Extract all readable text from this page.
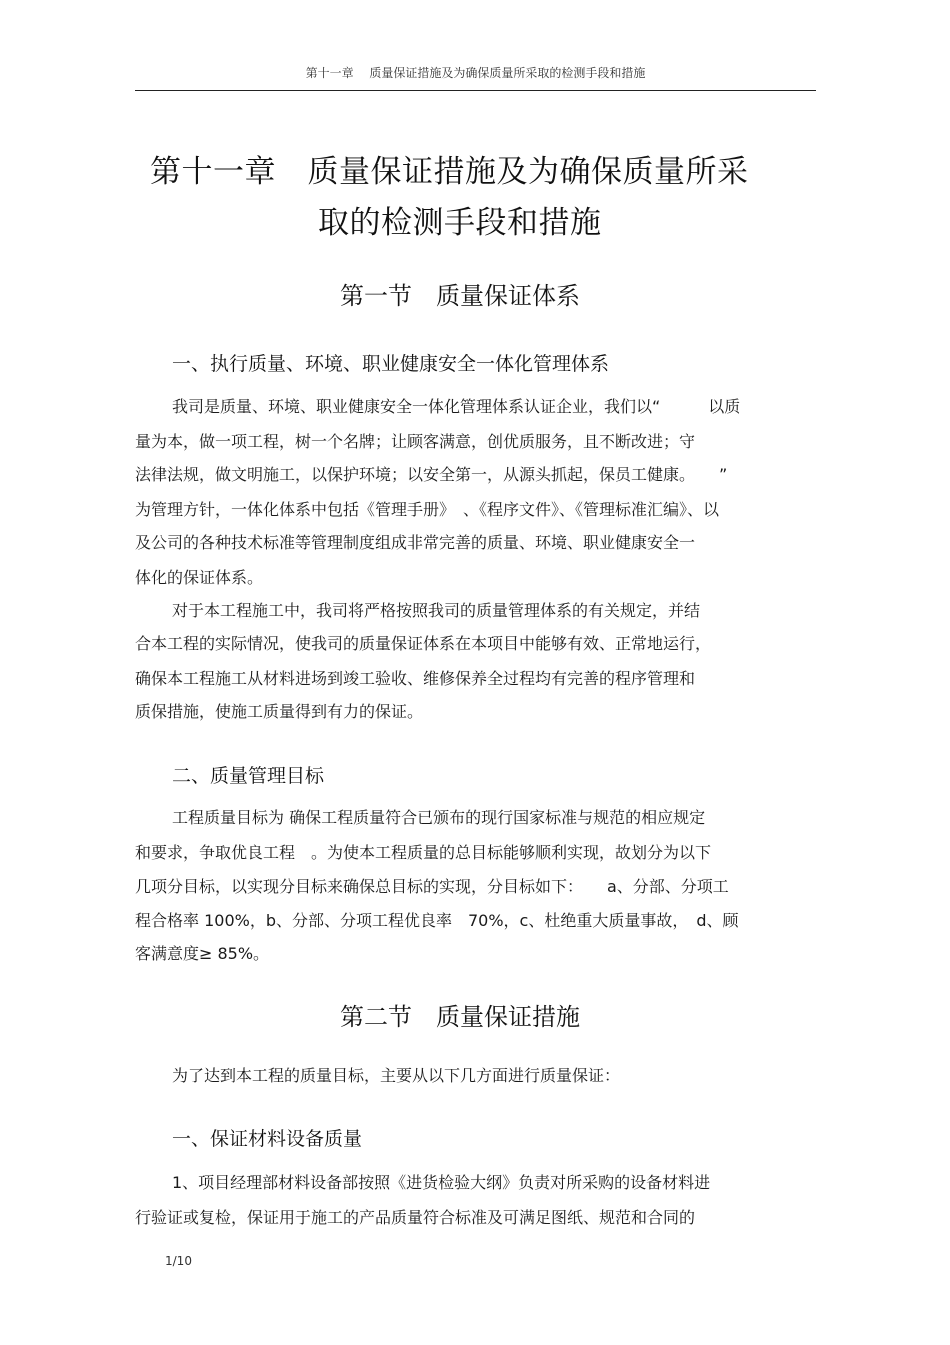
第十一章　 质量保证措施及为确保质量所采取的检测手段和措施
第十一章　质量保证措施及为确保质量所采
取的检测手段和措施
第一节　质量保证体系
一、执行质量、环境、职业健康安全一体化管理体系
我司是质量、环境、职业健康安全一体化管理体系认证企业，我们以“　　　以质
量为本，做一项工程，树一个名牌；让顾客满意，创优质服务，且不断改进；守
法律法规，做文明施工，以保护环境；以安全第一，从源头抓起，保员工健康。　　”
为管理方针，一体化体系中包括《管理手册》　、《程序文件》、《管理标准汇编》、以
及公司的各种技术标准等管理制度组成非常完善的质量、环境、职业健康安全一
体化的保证体系。
对于本工程施工中，我司将严格按照我司的质量管理体系的有关规定，并结
合本工程的实际情况，使我司的质量保证体系在本项目中能够有效、正常地运行，
确保本工程施工从材料进场到竣工验收、维修保养全过程均有完善的程序管理和
质保措施，使施工质量得到有力的保证。
二、质量管理目标
工程质量目标为 确保工程质量符合已颁布的现行国家标准与规范的相应规定
和要求，争取优良工程　。为使本工程质量的总目标能够顺利实现，故划分为以下
几项分目标，以实现分目标来确保总目标的实现，分目标如下：　　a、分部、分项工
程合格率 100%，b、分部、分项工程优良率　70%，c、杜绝重大质量事故，　d、顾
客满意度≥ 85%。
第二节　质量保证措施
为了达到本工程的质量目标，主要从以下几方面进行质量保证：
一、保证材料设备质量
1、项目经理部材料设备部按照《进货检验大纲》负责对所采购的设备材料进
行验证或复检，保证用于施工的产品质量符合标准及可满足图纸、规范和合同的
1/10
